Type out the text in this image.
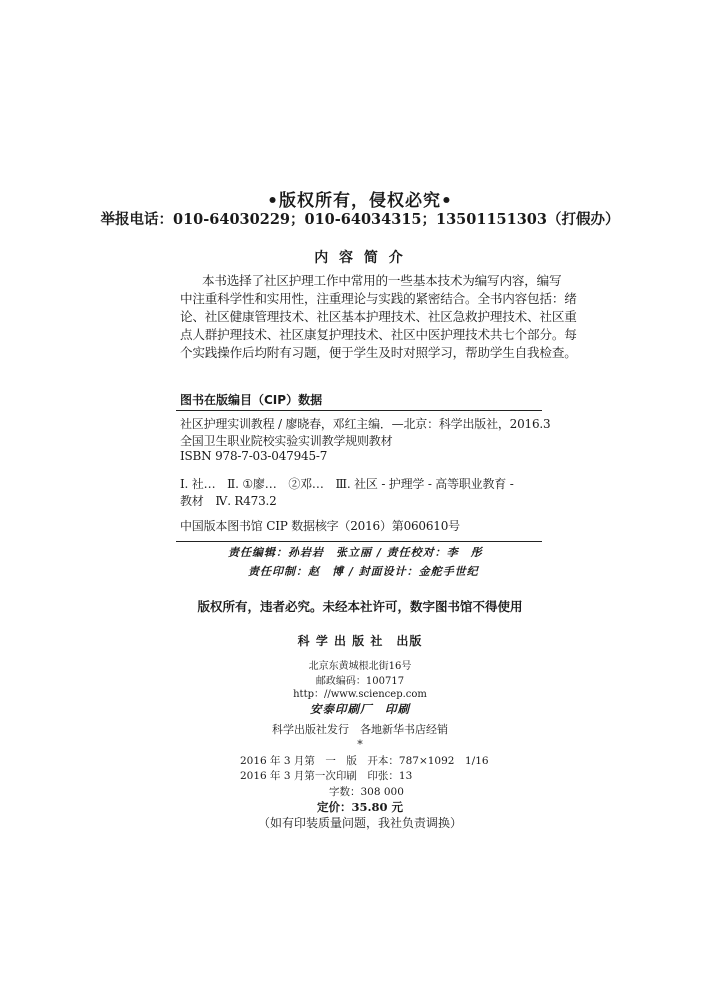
•版权所有，侵权必究•
举报电话：010-64030229；010-64034315；13501151303（打假办）
内 容 简 介
本书选择了社区护理工作中常用的一些基本技术为编写内容，编写
中注重科学性和实用性，注重理论与实践的紧密结合。全书内容包括：绪
论、社区健康管理技术、社区基本护理技术、社区急救护理技术、社区重
点人群护理技术、社区康复护理技术、社区中医护理技术共七个部分。每
个实践操作后均附有习题，便于学生及时对照学习，帮助学生自我检查。
图书在版编目（CIP）数据
社区护理实训教程 / 廖晓春，邓红主编．—北京：科学出版社，2016.3
全国卫生职业院校实验实训教学规则教材
ISBN 978-7-03-047945-7
Ⅰ. 社…　Ⅱ. ①廖…　②邓…　Ⅲ. 社区 - 护理学 - 高等职业教育 -
教材　Ⅳ. R473.2
中国版本图书馆 CIP 数据核字（2016）第060610号
责任编辑：孙岩岩　张立丽 / 责任校对：李　彤
责任印制：赵　博 / 封面设计：金舵手世纪
版权所有，违者必究。未经本社许可，数字图书馆不得使用
科 学 出 版 社　出版
北京东黄城根北街16号
邮政编码：100717
http：//www.sciencep.com
安泰印刷厂　印刷
科学出版社发行　各地新华书店经销
*
2016 年 3 月第　一　版　开本：787×1092　1/16
2016 年 3 月第一次印刷　印张：13
字数：308 000
定价：35.80 元
（如有印装质量问题，我社负责调换）
